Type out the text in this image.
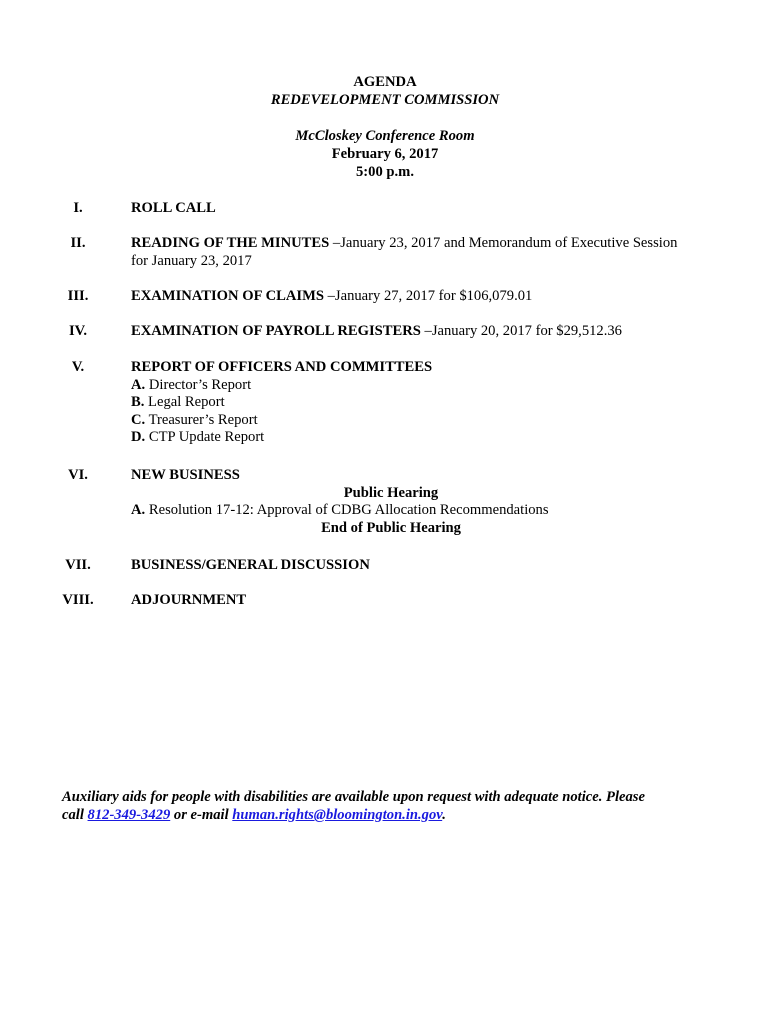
AGENDA
REDEVELOPMENT COMMISSION
McCloskey Conference Room
February 6, 2017
5:00 p.m.
I.	ROLL CALL
II.	READING OF THE MINUTES –January 23, 2017 and Memorandum of Executive Session
for January 23, 2017
III.	EXAMINATION OF CLAIMS –January 27, 2017 for $106,079.01
IV.	EXAMINATION OF PAYROLL REGISTERS –January 20, 2017 for $29,512.36
V.	REPORT OF OFFICERS AND COMMITTEES
A. Director’s Report
B. Legal Report
C. Treasurer’s Report
D. CTP Update Report
VI.	NEW BUSINESS

Public Hearing
A. Resolution 17-12: Approval of CDBG Allocation Recommendations

End of Public Hearing
VII.	BUSINESS/GENERAL DISCUSSION
VIII.	ADJOURNMENT
Auxiliary aids for people with disabilities are available upon request with adequate notice. Please
call 812-349-3429 or e-mail human.rights@bloomington.in.gov.
